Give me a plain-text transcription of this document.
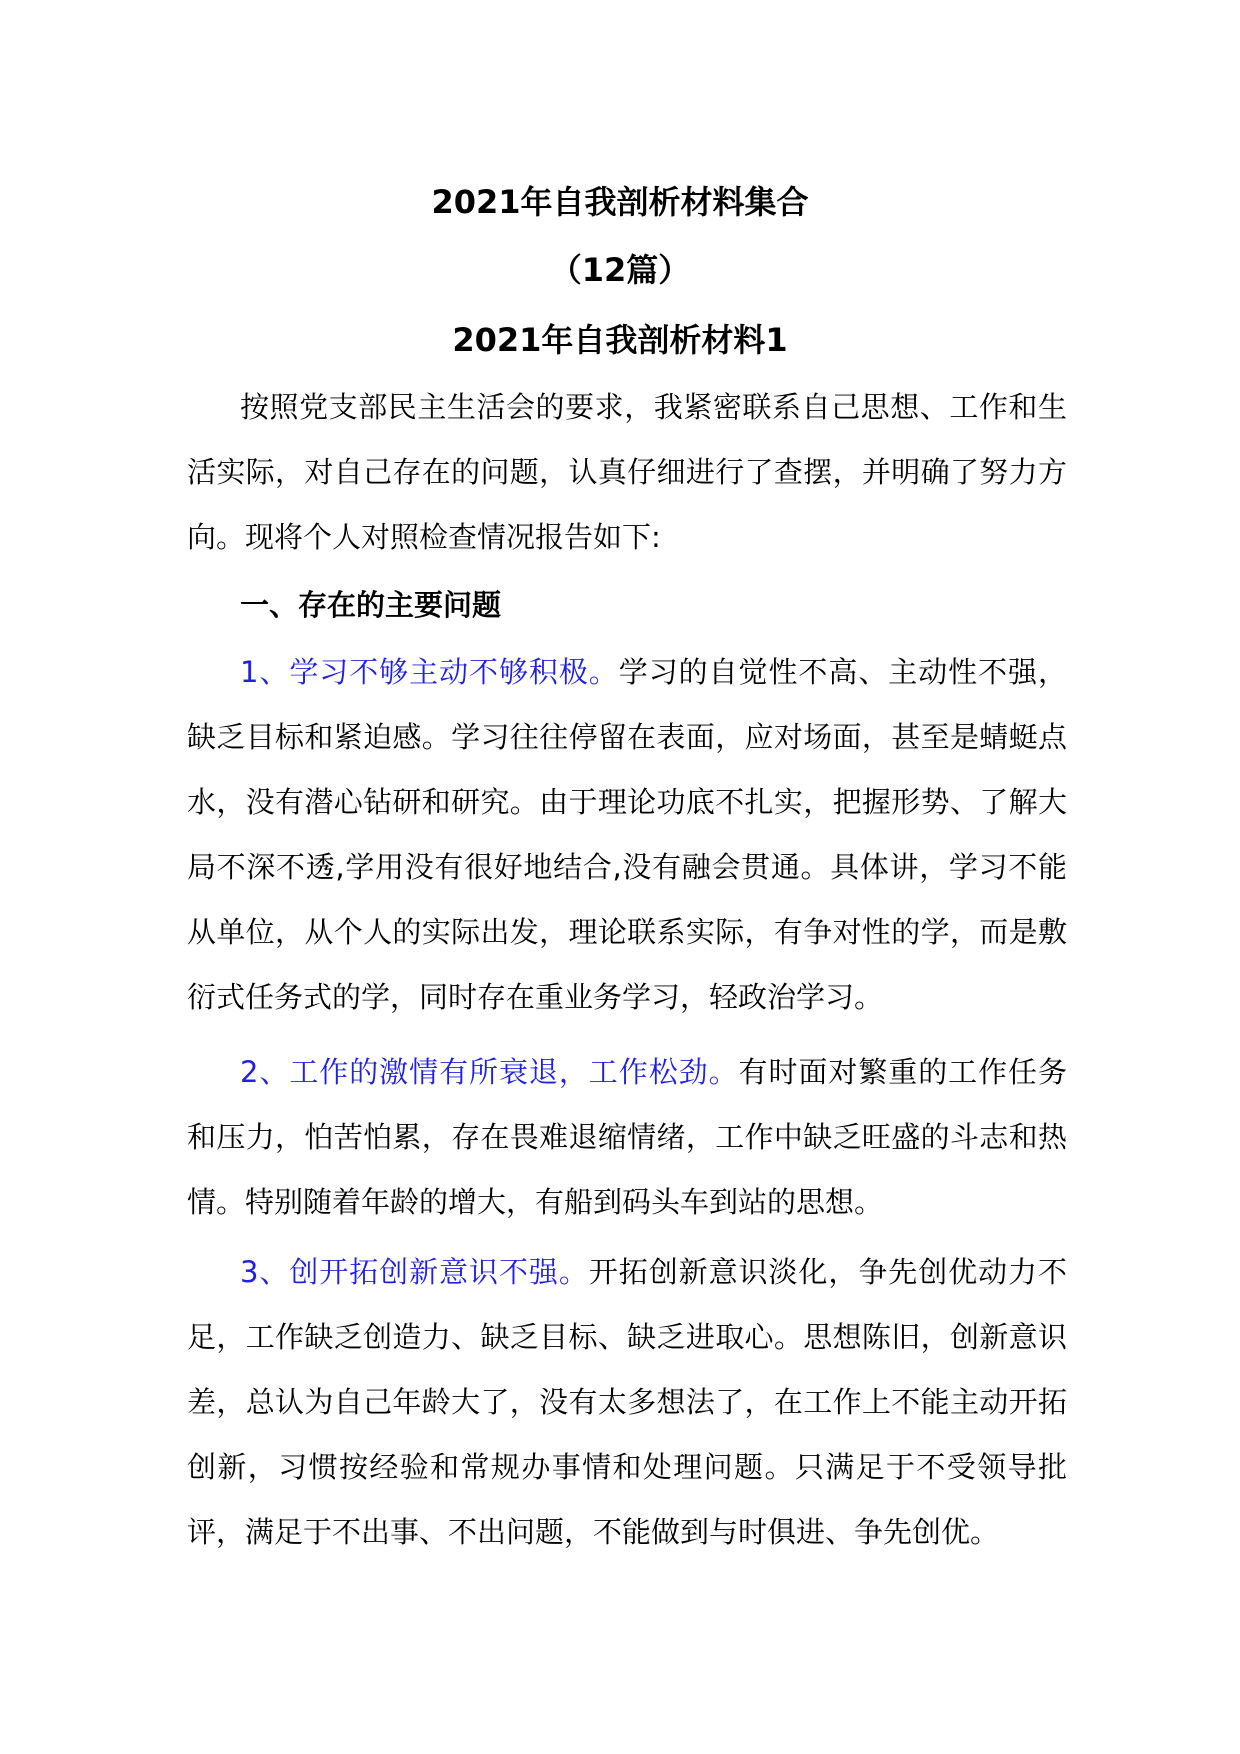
2021年自我剖析材料集合
（12篇）
2021年自我剖析材料1

按照党支部民主生活会的要求，我紧密联系自己思想、工作和生活实际，对自己存在的问题，认真仔细进行了查摆，并明确了努力方向。现将个人对照检查情况报告如下:

一、存在的主要问题

1、学习不够主动不够积极。学习的自觉性不高、主动性不强，缺乏目标和紧迫感。学习往往停留在表面，应对场面，甚至是蜻蜓点水，没有潜心钻研和研究。由于理论功底不扎实，把握形势、了解大局不深不透,学用没有很好地结合,没有融会贯通。具体讲，学习不能从单位，从个人的实际出发，理论联系实际，有争对性的学，而是敷衍式任务式的学，同时存在重业务学习，轻政治学习。

2、工作的激情有所衰退，工作松劲。有时面对繁重的工作任务和压力，怕苦怕累，存在畏难退缩情绪，工作中缺乏旺盛的斗志和热情。特别随着年龄的增大，有船到码头车到站的思想。

3、创开拓创新意识不强。开拓创新意识淡化，争先创优动力不足，工作缺乏创造力、缺乏目标、缺乏进取心。思想陈旧，创新意识差，总认为自己年龄大了，没有太多想法了，在工作上不能主动开拓创新，习惯按经验和常规办事情和处理问题。只满足于不受领导批评，满足于不出事、不出问题，不能做到与时俱进、争先创优。
